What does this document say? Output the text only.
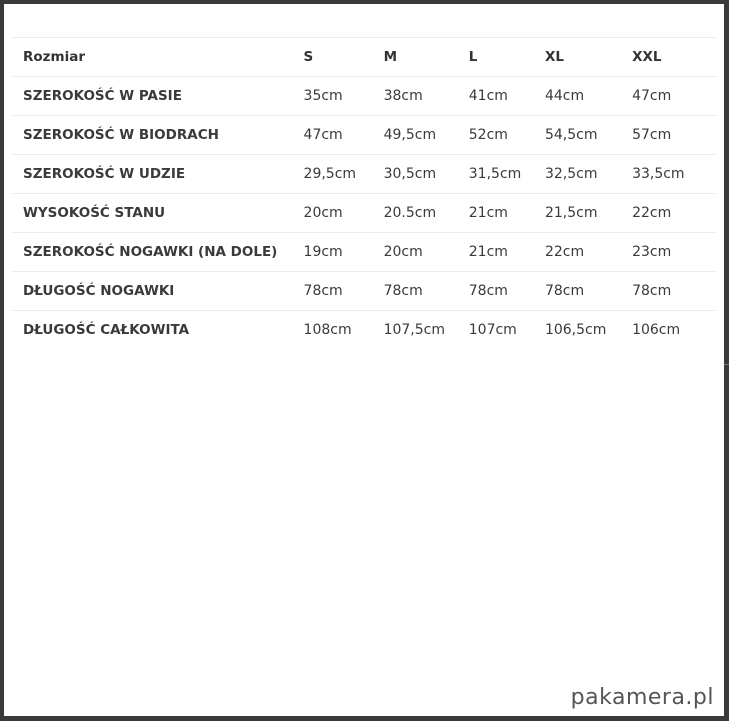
Rozmiar	S	M	L	XL	XXL
SZEROKOŚĆ W PASIE	35cm	38cm	41cm	44cm	47cm
SZEROKOŚĆ W BIODRACH	47cm	49,5cm	52cm	54,5cm	57cm
SZEROKOŚĆ W UDZIE	29,5cm	30,5cm	31,5cm	32,5cm	33,5cm
WYSOKOŚĆ STANU	20cm	20.5cm	21cm	21,5cm	22cm
SZEROKOŚĆ NOGAWKI (NA DOLE)	19cm	20cm	21cm	22cm	23cm
DŁUGOŚĆ NOGAWKI	78cm	78cm	78cm	78cm	78cm
DŁUGOŚĆ CAŁKOWITA	108cm	107,5cm	107cm	106,5cm	106cm
pakamera.pl
